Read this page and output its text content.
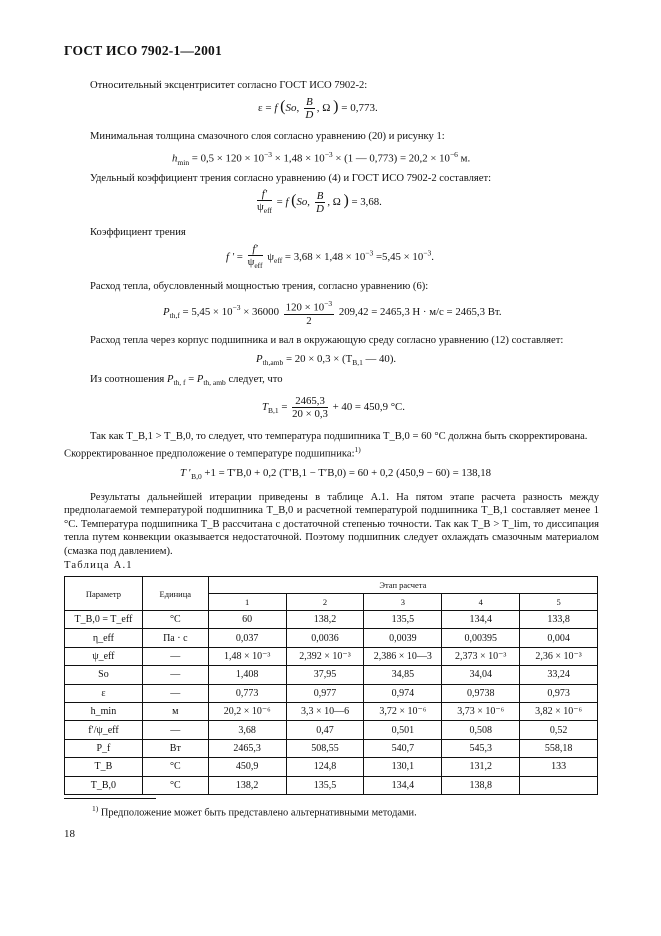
ГОСТ ИСО 7902-1—2001
Относительный эксцентриситет согласно ГОСТ ИСО 7902-2:
ε = f (So, $\frac{B}{D}$ , Ω ) = 0,773.
Минимальная толщина смазочного слоя согласно уравнению (20) и рисунку 1:
$h_{min} = 0,5 \times 120 \times 10^{-3} \times 1,48 \times 10^{-3} \times (1$ — $0,773) = 20,2 \times 10^{-6}$ м.
Удельный коэффициент трения согласно уравнению (4) и ГОСТ ИСО 7902-2 составляет:
$\frac{f'}{\psi_{eff}} = f$ (So, $\frac{B}{D}$ , Ω ) = 3,68.
Коэффициент трения
f ′ = $\frac{f'}{\psi_{eff}} \psi_{eff} = 3,68 \times 1,48 \times 10^{-3} =5,45 \times 10^{-3}$.
Расход тепла, обусловленный мощностью трения, согласно уравнению (6):
$P_{th,f} = 5,45 \times 10^{-3} \times 36000 \frac{120 \times 10^{-3}}{2} 209,42 = 2465,3$ Н · м/с = 2465,3 Вт.
Расход тепла через корпус подшипника и вал в окружающую среду согласно уравнению (12) составляет:
$P_{th,amb} = 20 \times 0,3 \times (T_{B,1}$ — 40).
Из соотношения $P_{th, f} = P_{th, amb}$ следует, что
$T_{B,1} = \frac{2465,3}{20 \times 0,3} + 40 = 450,9$ °C.
Так как T_B,1 > T_B,0, то следует, что температура подшипника T_B,0 = 60 °C должна быть скорректирована.
Скорректированное предположение о температуре подшипника:$^{1)}$
T $'_{B,0} +1 = T'B,0 + 0,2$ (T′B,1 − T′B,0) = 60 + 0,2 (450,9 − 60) = 138,18
Результаты дальнейшей итерации приведены в таблице А.1. На пятом этапе расчета разность между предполагаемой температурой подшипника T_B,0 и расчетной температурой подшипника T_B,1 составляет менее 1 °C. Температура подшипника T_B рассчитана с достаточной степенью точности. Так как T_B > T_lim, то диссипация тепла путем конвекции оказывается недостаточной. Поэтому подшипник следует охлаждать смазочным материалом (смазка под давлением).
Таблица А.1
Параметр	Единица	Этап расчета				
		1	2	3	4	5
T_B,0 = T_eff	°C	60	138,2	135,5	134,4	133,8
η_eff	Па · с	0,037	0,0036	0,0039	0,00395	0,004
ψ_eff	—	1,48 × 10⁻³	2,392 × 10⁻³	2,386 × 10—3	2,373 × 10⁻³	2,36 × 10⁻³
So	—	1,408	37,95	34,85	34,04	33,24
ε	—	0,773	0,977	0,974	0,9738	0,973
h_min	м	20,2 × 10⁻⁶	3,3 × 10—6	3,72 × 10⁻⁶	3,73 × 10⁻⁶	3,82 × 10⁻⁶
f′/ψ_eff	—	3,68	0,47	0,501	0,508	0,52
P_f	Вт	2465,3	508,55	540,7	545,3	558,18
T_B	°C	450,9	124,8	130,1	131,2	133
T_B,0	°C	138,2	135,5	134,4	138,8	
$^{1)}$ Предположение может быть представлено альтернативными методами.
18
